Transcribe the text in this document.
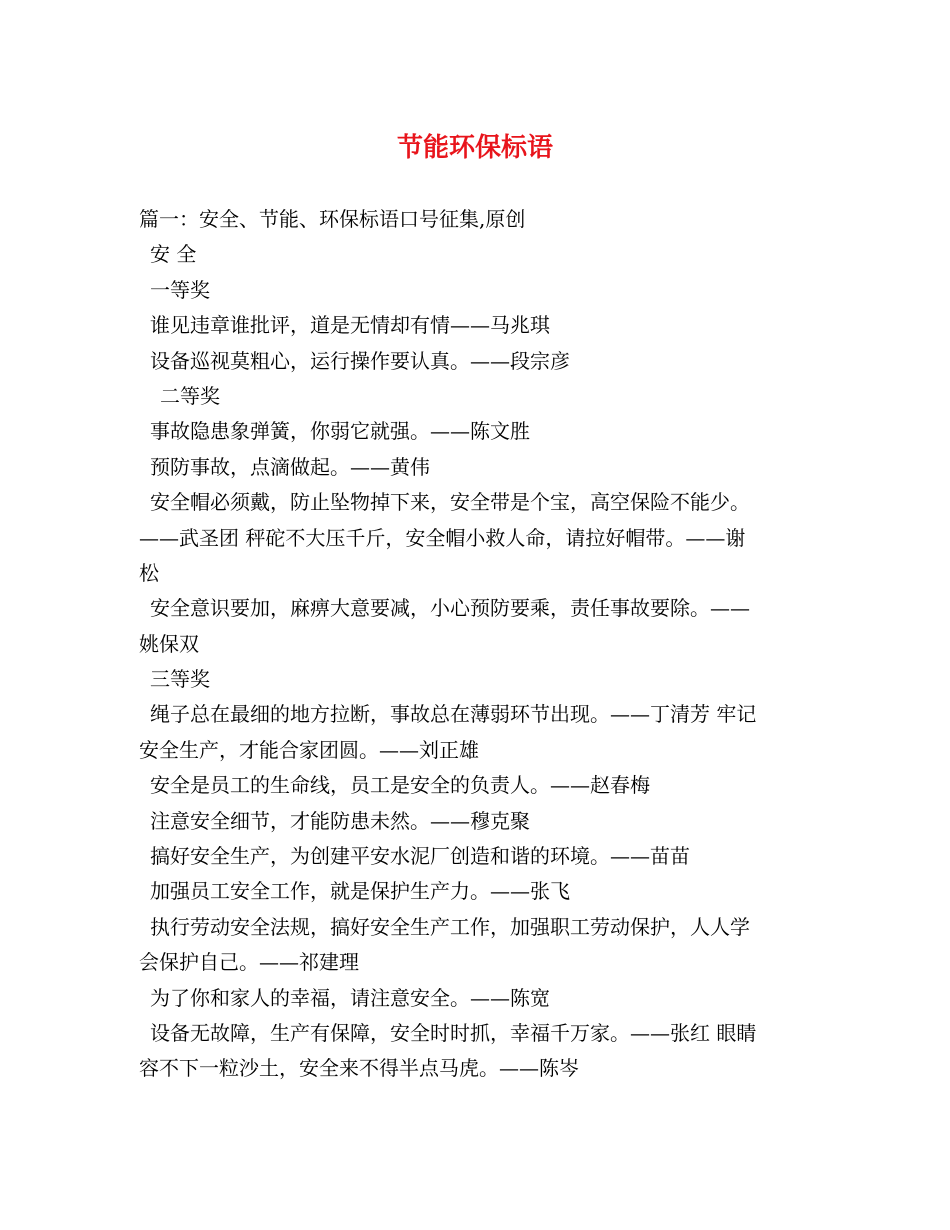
节能环保标语

篇一：安全、节能、环保标语口号征集,原创

安 全

一等奖

谁见违章谁批评，道是无情却有情——马兆琪

设备巡视莫粗心，运行操作要认真。——段宗彦

二等奖

事故隐患象弹簧，你弱它就强。——陈文胜

预防事故，点滴做起。——黄伟

安全帽必须戴，防止坠物掉下来，安全带是个宝，高空保险不能少。

——武圣团 秤砣不大压千斤，安全帽小救人命，请拉好帽带。——谢

松

安全意识要加，麻痹大意要减，小心预防要乘，责任事故要除。——

姚保双

三等奖

绳子总在最细的地方拉断，事故总在薄弱环节出现。——丁清芳 牢记

安全生产，才能合家团圆。——刘正雄

安全是员工的生命线，员工是安全的负责人。——赵春梅

注意安全细节，才能防患未然。——穆克聚

搞好安全生产，为创建平安水泥厂创造和谐的环境。——苗苗

加强员工安全工作，就是保护生产力。——张飞

执行劳动安全法规，搞好安全生产工作，加强职工劳动保护，人人学

会保护自己。——祁建理

为了你和家人的幸福，请注意安全。——陈宽

设备无故障，生产有保障，安全时时抓，幸福千万家。——张红 眼睛

容不下一粒沙土，安全来不得半点马虎。——陈岑
